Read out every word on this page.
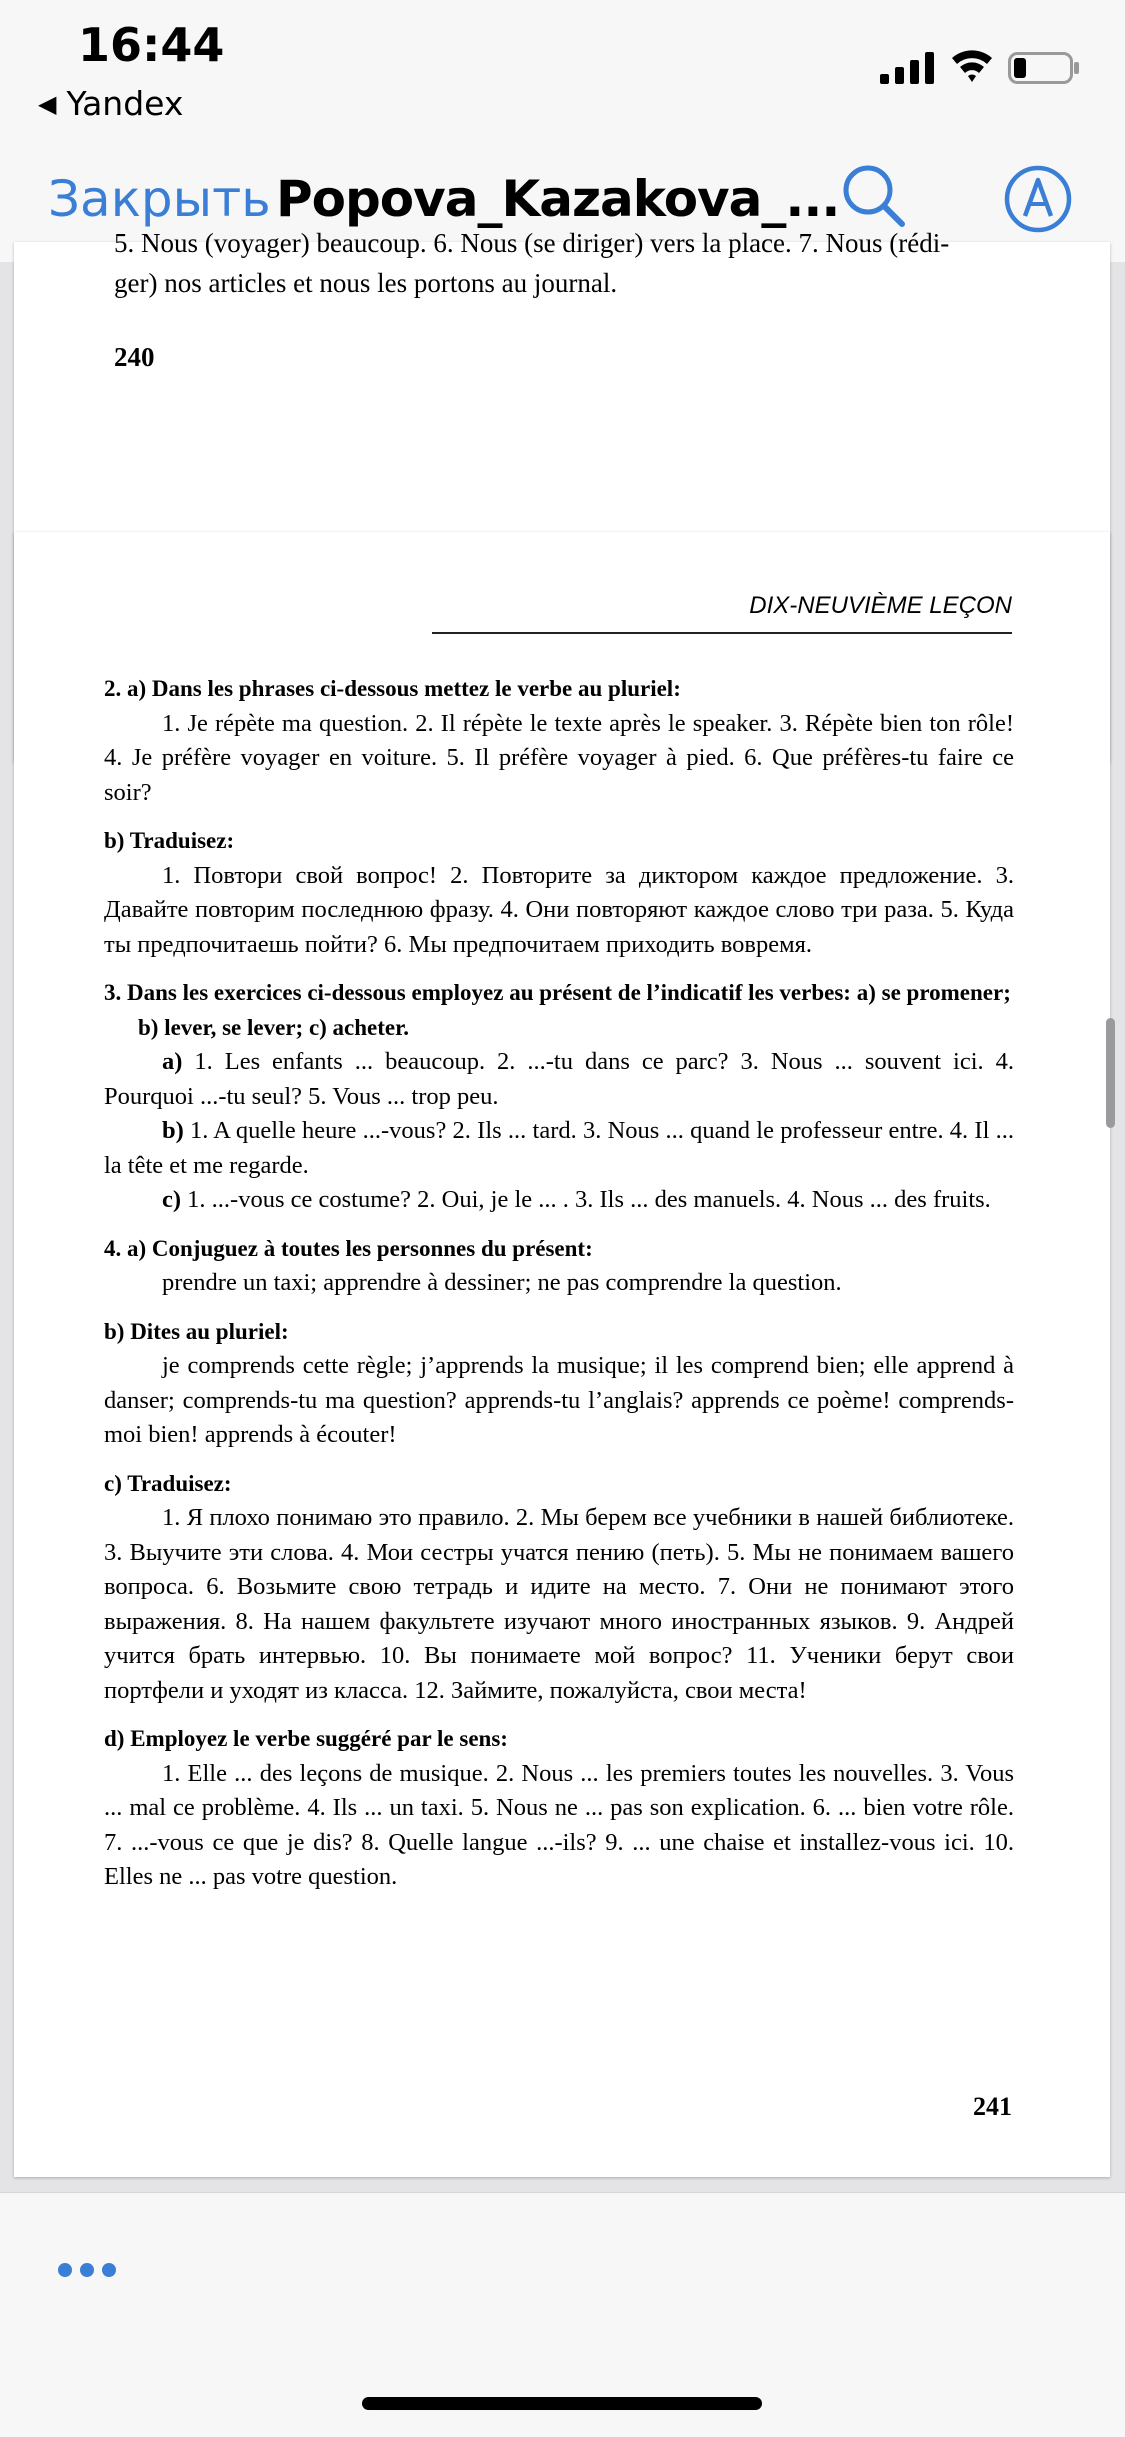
16:44
◀ Yandex
Закрыть Popova_Kazakova_...
5. Nous (voyager) beaucoup. 6. Nous (se diriger) vers la place. 7. Nous (rédi-
ger) nos articles et nous les portons au journal.
240
DIX-NEUVIÈME LEÇON

2. a) Dans les phrases ci-dessous mettez le verbe au pluriel:

1. Je répète ma question. 2. Il répète le texte après le speaker. 3. Répète bien ton rôle! 4. Je préfère voyager en voiture. 5. Il préfère voyager à pied. 6. Que préfères-tu faire ce soir?

b) Traduisez:

1. Повтори свой вопрос! 2. Повторите за диктором каждое предложение. 3. Давайте повторим последнюю фразу. 4. Они повторяют каждое слово три раза. 5. Куда ты предпочитаешь пойти? 6. Мы предпочитаем приходить вовремя.

3. Dans les exercices ci-dessous employez au présent de l’indicatif les verbes: a) se promener; b) lever, se lever; c) acheter.

a) 1. Les enfants ... beaucoup. 2. ...-tu dans ce parc? 3. Nous ... souvent ici. 4. Pourquoi ...-tu seul? 5. Vous ... trop peu.

b) 1. A quelle heure ...-vous? 2. Ils ... tard. 3. Nous ... quand le professeur entre. 4. Il ... la tête et me regarde.

c) 1. ...-vous ce costume? 2. Oui, je le ... . 3. Ils ... des manuels. 4. Nous ... des fruits.

4. a) Conjuguez à toutes les personnes du présent:

prendre un taxi; apprendre à dessiner; ne pas comprendre la question.

b) Dites au pluriel:

je comprends cette règle; j’apprends la musique; il les comprend bien; elle apprend à danser; comprends-tu ma question? apprends-tu l’anglais? apprends ce poème! comprends-moi bien! apprends à écouter!

c) Traduisez:

1. Я плохо понимаю это правило. 2. Мы берем все учебники в нашей библиотеке. 3. Выучите эти слова. 4. Мои сестры учатся пению (петь). 5. Мы не понимаем вашего вопроса. 6. Возьмите свою тетрадь и идите на место. 7. Они не понимают этого выражения. 8. На нашем факультете изучают много иностранных языков. 9. Андрей учится брать интервью. 10. Вы понимаете мой вопрос? 11. Ученики берут свои портфели и уходят из класса. 12. Займите, пожалуйста, свои места!

d) Employez le verbe suggéré par le sens:

1. Elle ... des leçons de musique. 2. Nous ... les premiers toutes les nouvelles. 3. Vous ... mal ce problème. 4. Ils ... un taxi. 5. Nous ne ... pas son explication. 6. ... bien votre rôle. 7. ...-vous ce que je dis? 8. Quelle langue ...-ils? 9. ... une chaise et installez-vous ici. 10. Elles ne ... pas votre question.

241
